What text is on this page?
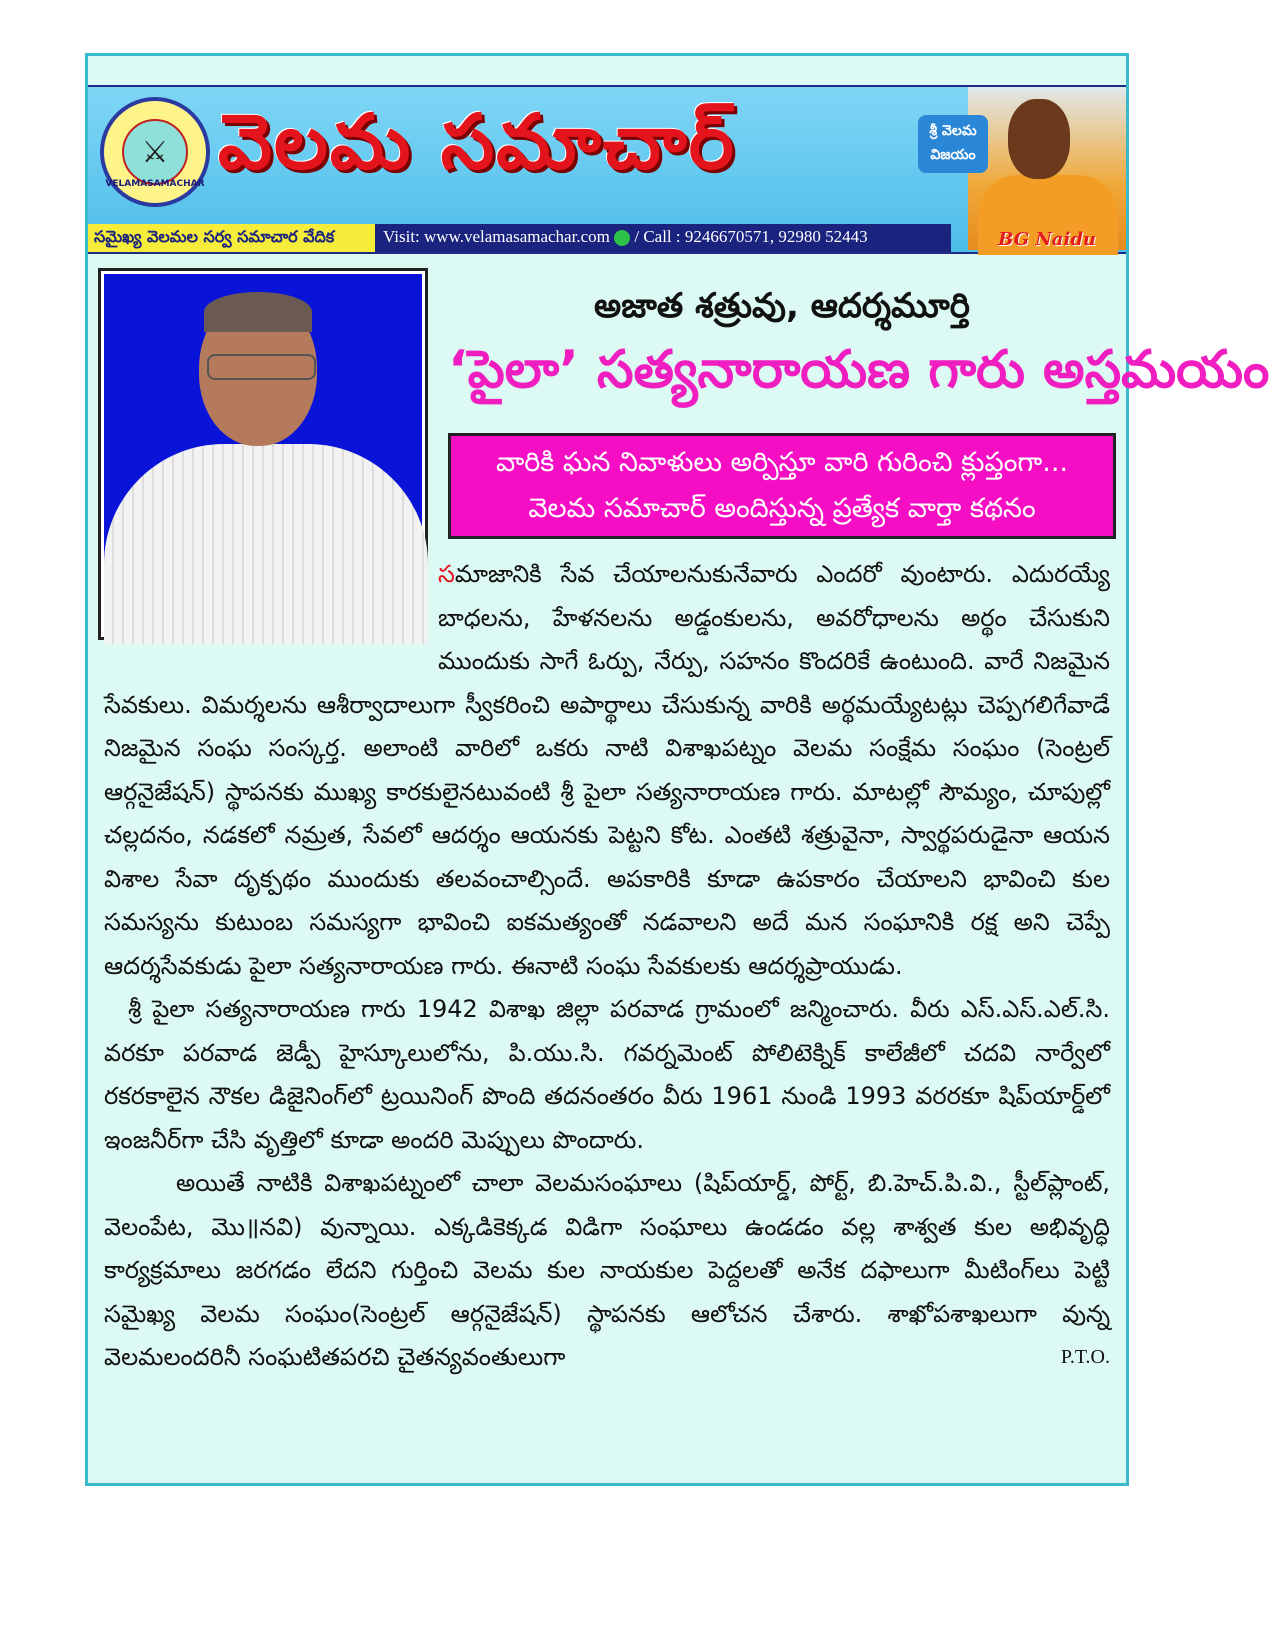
⚔
VELAMASAMACHAR వెలమ సమాచార్	శ్రీ వెలమ విజయం
సమైఖ్య వెలమల సర్వ సమాచార వేదిక	Visit: www.velamasamachar.com / Call : 9246670571, 92980 52443	BG Naidu
అజాత శత్రువు, ఆదర్శమూర్తి
‘పైలా’ సత్యనారాయణ గారు అస్తమయం
వారికి ఘన నివాళులు అర్పిస్తూ వారి గురించి క్లుప్తంగా...
వెలమ సమాచార్ అందిస్తున్న ప్రత్యేక వార్తా కథనం

సమాజానికి సేవ చేయాలనుకునేవారు ఎందరో వుంటారు. ఎదురయ్యే బాధలను, హేళనలను అడ్డంకులను, అవరోధాలను అర్థం చేసుకుని ముందుకు సాగే ఓర్పు, నేర్పు, సహనం కొందరికే ఉంటుంది. వారే నిజమైన సేవకులు. విమర్శలను ఆశీర్వాదాలుగా స్వీకరించి అపార్థాలు చేసుకున్న వారికి అర్థమయ్యేటట్లు చెప్పగలిగేవాడే నిజమైన సంఘ సంస్కర్త. అలాంటి వారిలో ఒకరు నాటి విశాఖపట్నం వెలమ సంక్షేమ సంఘం (సెంట్రల్ ఆర్గనైజేషన్) స్థాపనకు ముఖ్య కారకులైనటువంటి శ్రీ పైలా సత్యనారాయణ గారు. మాటల్లో సౌమ్యం, చూపుల్లో చల్లదనం, నడకలో నమ్రత, సేవలో ఆదర్శం ఆయనకు పెట్టని కోట. ఎంతటి శత్రువైనా, స్వార్థపరుడైనా ఆయన విశాల సేవా దృక్పథం ముందుకు తలవంచాల్సిందే. అపకారికి కూడా ఉపకారం చేయాలని భావించి కుల సమస్యను కుటుంబ సమస్యగా భావించి ఐకమత్యంతో నడవాలని అదే మన సంఘానికి రక్ష అని చెప్పే ఆదర్శసేవకుడు పైలా సత్యనారాయణ గారు. ఈనాటి సంఘ సేవకులకు ఆదర్శప్రాయుడు.

శ్రీ పైలా సత్యనారాయణ గారు 1942 విశాఖ జిల్లా పరవాడ గ్రామంలో జన్మించారు. వీరు ఎస్.ఎస్.ఎల్.సి. వరకూ పరవాడ జెడ్పీ హైస్కూలులోను, పి.యు.సి. గవర్నమెంట్ పోలిటెక్నిక్ కాలేజీలో చదవి నార్వేలో రకరకాలైన నౌకల డిజైనింగ్‌లో ట్రయినింగ్ పొంది తదనంతరం వీరు 1961 నుండి 1993 వరరకూ షిప్‌యార్డ్‌లో ఇంజనీర్‌గా చేసి వృత్తిలో కూడా అందరి మెప్పులు పొందారు.

అయితే నాటికి విశాఖపట్నంలో చాలా వెలమసంఘాలు (షిప్‌యార్డ్, పోర్ట్, బి.హెచ్.పి.వి., స్టీల్‌ప్లాంట్, వెలంపేట, మొ॥నవి) వున్నాయి. ఎక్కడికెక్కడ విడిగా సంఘాలు ఉండడం వల్ల శాశ్వత కుల అభివృద్ధి కార్యక్రమాలు జరగడం లేదని గుర్తించి వెలమ కుల నాయకుల పెద్దలతో అనేక దఫాలుగా మీటింగ్‌లు పెట్టి సమైఖ్య వెలమ సంఘం(సెంట్రల్ ఆర్గనైజేషన్) స్థాపనకు ఆలోచన చేశారు. శాఖోపశాఖలుగా వున్న వెలమలందరినీ సంఘటితపరచి చైతన్యవంతులుగా	P.T.O.
